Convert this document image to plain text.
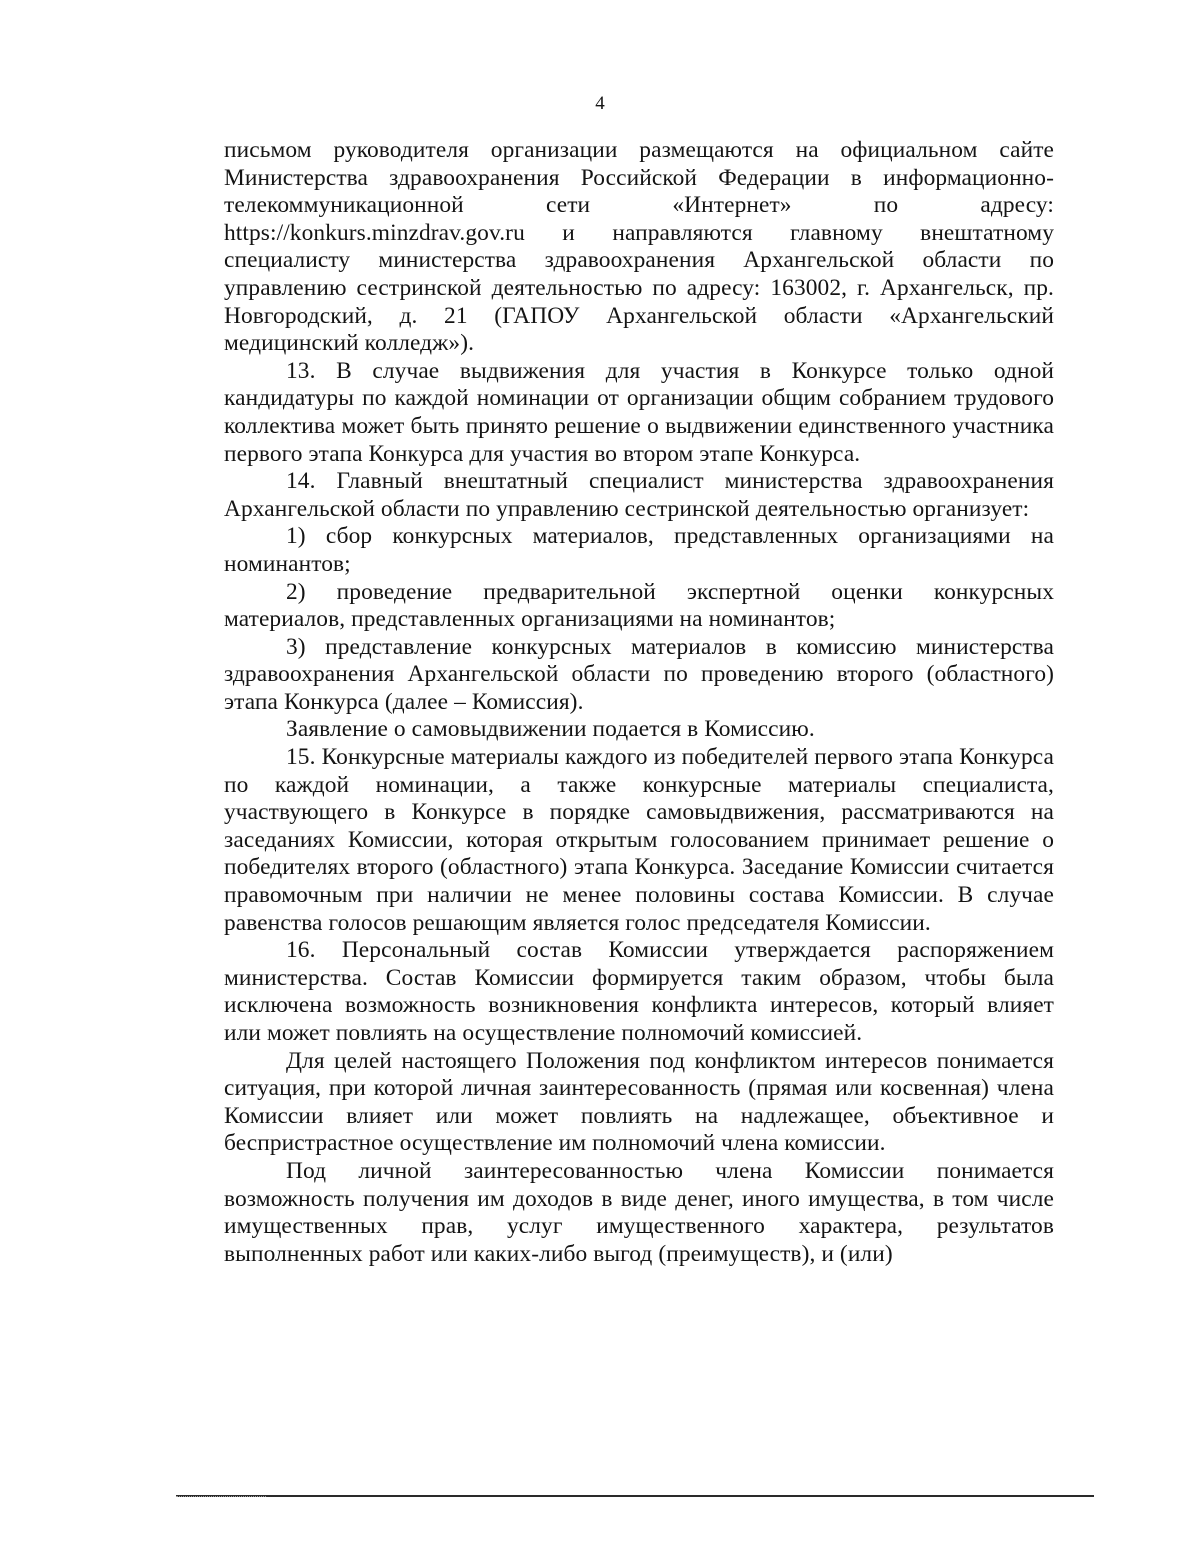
4

письмом руководителя организации размещаются на официальном сайте Министерства здравоохранения Российской Федерации в информационно-телекоммуникационной сети «Интернет» по адресу: https://konkurs.minzdrav.gov.ru и направляются главному внештатному специалисту министерства здравоохранения Архангельской области по управлению сестринской деятельностью по адресу: 163002, г. Архангельск, пр. Новгородский, д. 21 (ГАПОУ Архангельской области «Архангельский медицинский колледж»).

13. В случае выдвижения для участия в Конкурсе только одной кандидатуры по каждой номинации от организации общим собранием трудового коллектива может быть принято решение о выдвижении единственного участника первого этапа Конкурса для участия во втором этапе Конкурса.

14. Главный внештатный специалист министерства здравоохранения Архангельской области по управлению сестринской деятельностью организует:

1) сбор конкурсных материалов, представленных организациями на номинантов;

2) проведение предварительной экспертной оценки конкурсных материалов, представленных организациями на номинантов;

3) представление конкурсных материалов в комиссию министерства здравоохранения Архангельской области по проведению второго (областного) этапа Конкурса (далее – Комиссия).

Заявление о самовыдвижении подается в Комиссию.

15. Конкурсные материалы каждого из победителей первого этапа Конкурса по каждой номинации, а также конкурсные материалы специалиста, участвующего в Конкурсе в порядке самовыдвижения, рассматриваются на заседаниях Комиссии, которая открытым голосованием принимает решение о победителях второго (областного) этапа Конкурса. Заседание Комиссии считается правомочным при наличии не менее половины состава Комиссии. В случае равенства голосов решающим является голос председателя Комиссии.

16. Персональный состав Комиссии утверждается распоряжением министерства. Состав Комиссии формируется таким образом, чтобы была исключена возможность возникновения конфликта интересов, который влияет или может повлиять на осуществление полномочий комиссией.

Для целей настоящего Положения под конфликтом интересов понимается ситуация, при которой личная заинтересованность (прямая или косвенная) члена Комиссии влияет или может повлиять на надлежащее, объективное и беспристрастное осуществление им полномочий члена комиссии.

Под личной заинтересованностью члена Комиссии понимается возможность получения им доходов в виде денег, иного имущества, в том числе имущественных прав, услуг имущественного характера, результатов выполненных работ или каких-либо выгод (преимуществ), и (или)
